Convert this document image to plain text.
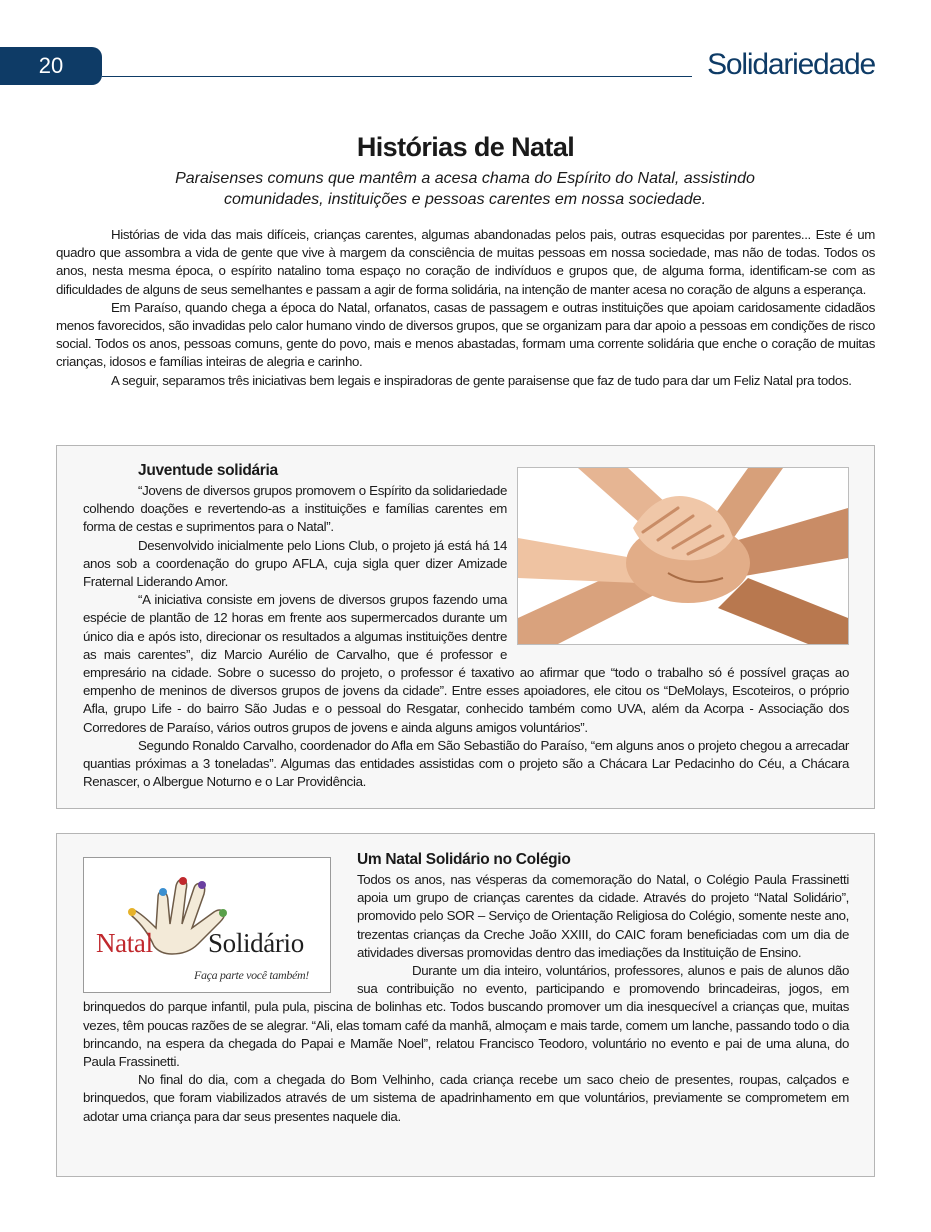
20	Solidariedade
Histórias de Natal
Paraisenses comuns que mantêm a acesa chama do Espírito do Natal, assistindo comunidades, instituições e pessoas carentes em nossa sociedade.

Histórias de vida das mais difíceis, crianças carentes, algumas abandonadas pelos pais, outras esquecidas por parentes... Este é um quadro que assombra a vida de gente que vive à margem da consciência de muitas pessoas em nossa sociedade, mas não de todas. Todos os anos, nesta mesma época, o espírito natalino toma espaço no coração de indivíduos e grupos que, de alguma forma, identificam-se com as dificuldades de alguns de seus semelhantes e passam a agir de forma solidária, na intenção de manter acesa no coração de alguns a esperança.

Em Paraíso, quando chega a época do Natal, orfanatos, casas de passagem e outras instituições que apoiam caridosamente cidadãos menos favorecidos, são invadidas pelo calor humano vindo de diversos grupos, que se organizam para dar apoio a pessoas em condições de risco social. Todos os anos, pessoas comuns, gente do povo, mais e menos abastadas, formam uma corrente solidária que enche o coração de muitas crianças, idosos e famílias inteiras de alegria e carinho.

A seguir, separamos três iniciativas bem legais e inspiradoras de gente paraisense que faz de tudo para dar um Feliz Natal pra todos.

Juventude solidária

“Jovens de diversos grupos promovem o Espírito da solidariedade colhendo doações e revertendo-as a instituições e famílias carentes em forma de cestas e suprimentos para o Natal”.

Desenvolvido inicialmente pelo Lions Club, o projeto já está há 14 anos sob a coordenação do grupo AFLA, cuja sigla quer dizer Amizade Fraternal Liderando Amor.

“A iniciativa consiste em jovens de diversos grupos fazendo uma espécie de plantão de 12 horas em frente aos supermercados durante um único dia e após isto, direcionar os resultados a algumas instituições dentre as mais carentes”, diz Marcio Aurélio de Carvalho, que é professor e empresário na cidade. Sobre o sucesso do projeto, o professor é taxativo ao afirmar que “todo o trabalho só é possível graças ao empenho de meninos de diversos grupos de jovens da cidade”. Entre esses apoiadores, ele citou os “DeMolays, Escoteiros, o próprio Afla, grupo Life - do bairro São Judas e o pessoal do Resgatar, conhecido também como UVA, além da Acorpa - Associação dos Corredores de Paraíso, vários outros grupos de jovens e ainda alguns amigos voluntários”.

Segundo Ronaldo Carvalho, coordenador do Afla em São Sebastião do Paraíso, “em alguns anos o projeto chegou a arrecadar quantias próximas a 3 toneladas”. Algumas das entidades assistidas com o projeto são a Chácara Lar Pedacinho do Céu, a Chácara Renascer, o Albergue Noturno e o Lar Providência.

Natal Solidário
Faça parte você também!
Um Natal Solidário no Colégio

Todos os anos, nas vésperas da comemoração do Natal, o Colégio Paula Frassinetti apoia um grupo de crianças carentes da cidade. Através do projeto “Natal Solidário”, promovido pelo SOR – Serviço de Orientação Religiosa do Colégio, somente neste ano, trezentas crianças da Creche João XXIII, do CAIC foram beneficiadas com um dia de atividades diversas promovidas dentro das imediações da Instituição de Ensino.

Durante um dia inteiro, voluntários, professores, alunos e pais de alunos dão sua contribuição no evento, participando e promovendo brincadeiras, jogos, em brinquedos do parque infantil, pula pula, piscina de bolinhas etc. Todos buscando promover um dia inesquecível a crianças que, muitas vezes, têm poucas razões de se alegrar. “Ali, elas tomam café da manhã, almoçam e mais tarde, comem um lanche, passando todo o dia brincando, na espera da chegada do Papai e Mamãe Noel”, relatou Francisco Teodoro, voluntário no evento e pai de uma aluna, do Paula Frassinetti.

No final do dia, com a chegada do Bom Velhinho, cada criança recebe um saco cheio de presentes, roupas, calçados e brinquedos, que foram viabilizados através de um sistema de apadrinhamento em que voluntários, previamente se comprometem em adotar uma criança para dar seus presentes naquele dia.
